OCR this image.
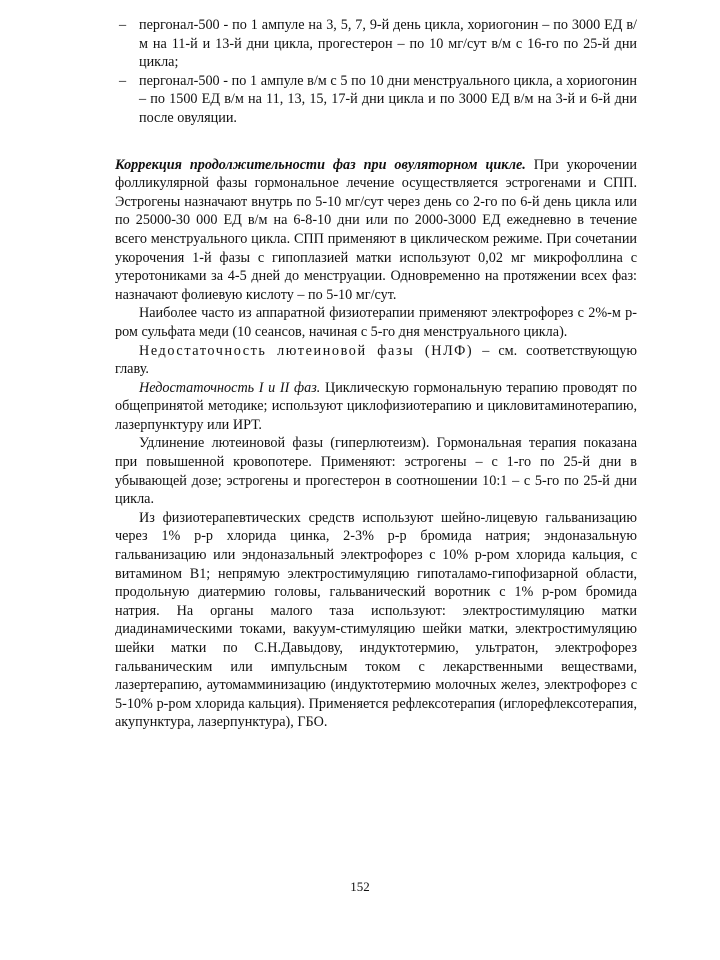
– пергонал-500 - по 1 ампуле на 3, 5, 7, 9-й день цикла, хориогонин – по 3000 ЕД в/м на 11-й и 13-й дни цикла, прогестерон – по 10 мг/сут в/м с 16-го по 25-й дни цикла;
– пергонал-500 - по 1 ампуле в/м с 5 по 10 дни менструального цикла, а хориогонин – по 1500 ЕД в/м на 11, 13, 15, 17-й дни цикла и по 3000 ЕД в/м на 3-й и 6-й дни после овуляции.

Коррекция продолжительности фаз при овуляторном цикле. При укорочении фолликулярной фазы гормональное лечение осуществляется эстрогенами и СПП. Эстрогены назначают внутрь по 5-10 мг/сут через день со 2-го по 6-й день цикла или по 25000-30 000 ЕД в/м на 6-8-10 дни или по 2000-3000 ЕД ежедневно в течение всего менструального цикла. СПП применяют в циклическом режиме. При сочетании укорочения 1-й фазы с гипоплазией матки используют 0,02 мг микрофоллина с утеротониками за 4-5 дней до менструации. Одновременно на протяжении всех фаз: назначают фолиевую кислоту – по 5-10 мг/сут.

Наиболее часто из аппаратной физиотерапии применяют электрофорез с 2%-м р-ром сульфата меди (10 сеансов, начиная с 5-го дня менструального цикла).

Недостаточность лютеиновой фазы (НЛФ) – см. соответствующую главу.

Недостаточность I и II фаз. Циклическую гормональную терапию проводят по общепринятой методике; используют циклофизиотерапию и цикловитаминотерапию, лазерпунктуру или ИРТ.

Удлинение лютеиновой фазы (гиперлютеизм). Гормональная терапия показана при повышенной кровопотере. Применяют: эстрогены – с 1-го по 25-й дни в убывающей дозе; эстрогены и прогестерон в соотношении 10:1 – с 5-го по 25-й дни цикла.

Из физиотерапевтических средств используют шейно-лицевую гальванизацию через 1% р-р хлорида цинка, 2-3% р-р бромида натрия; эндоназальную гальванизацию или эндоназальный электрофорез с 10% р-ром хлорида кальция, с витамином В1; непрямую электростимуляцию гипоталамо-гипофизарной области, продольную диатермию головы, гальванический воротник с 1% р-ром бромида натрия. На органы малого таза используют: электростимуляцию матки диадинамическими токами, вакуум-стимуляцию шейки матки, электростимуляцию шейки матки по С.Н.Давыдову, индуктотермию, ультратон, электрофорез гальваническим или импульсным током с лекарственными веществами, лазертерапию, аутомамминизацию (индуктотермию молочных желез, электрофорез с 5-10% р-ром хлорида кальция). Применяется рефлексотерапия (иглорефлексотерапия, акупунктура, лазерпунктура), ГБО.

152
